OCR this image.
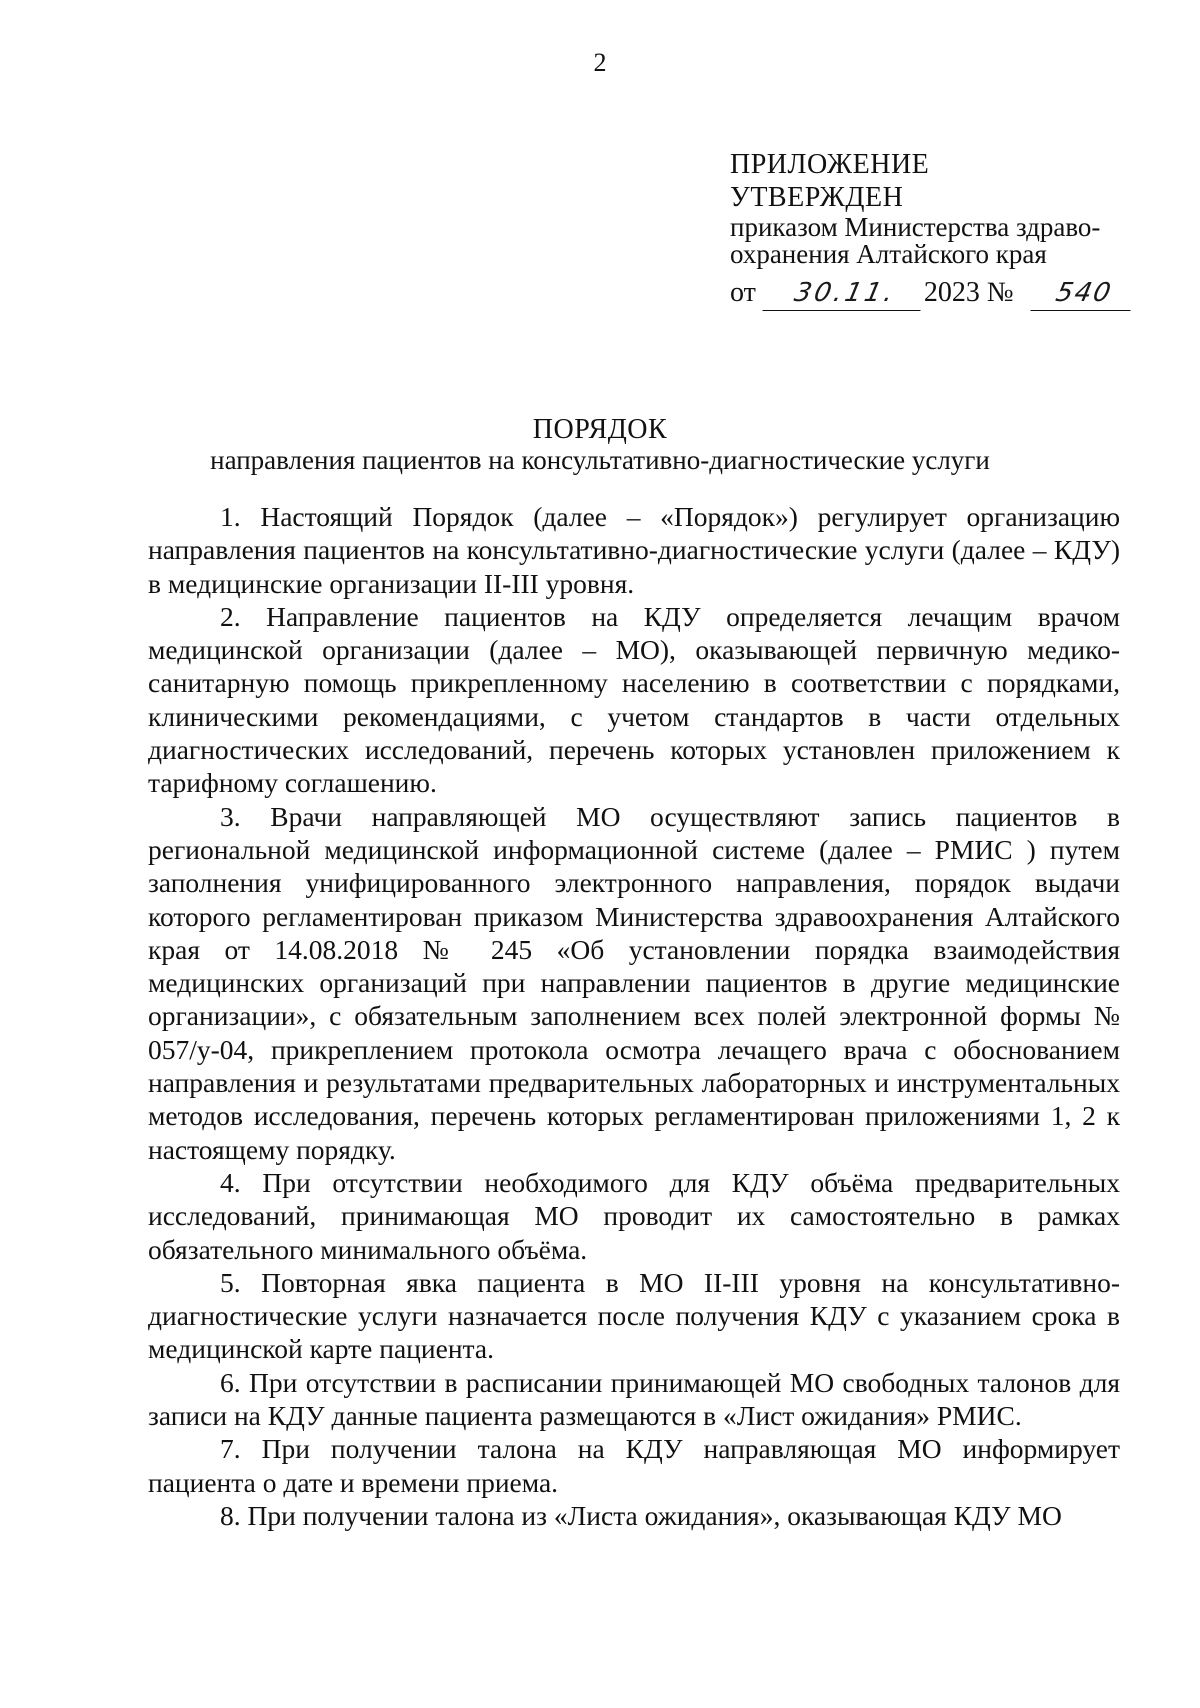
2
ПРИЛОЖЕНИЕ
УТВЕРЖДЕН
приказом Министерства здраво-
охранения Алтайского края
от	30.11. 2023 №	540
ПОРЯДОК
направления пациентов на консультативно-диагностические услуги

1. Настоящий Порядок (далее – «Порядок») регулирует организацию направления пациентов на консультативно-диагностические услуги (далее – КДУ) в медицинские организации II-III уровня.

2. Направление пациентов на КДУ определяется лечащим врачом медицинской организации (далее – МО), оказывающей первичную медико-санитарную помощь прикрепленному населению в соответствии с порядками, клиническими рекомендациями, с учетом стандартов в части отдельных диагностических исследований, перечень которых установлен приложением к тарифному соглашению.

3. Врачи направляющей МО осуществляют запись пациентов в региональной медицинской информационной системе (далее – РМИС ) путем заполнения унифицированного электронного направления, порядок выдачи которого регламентирован приказом Министерства здравоохранения Алтайского края от 14.08.2018 № 245 «Об установлении порядка взаимодействия медицинских организаций при направлении пациентов в другие медицинские организации», с обязательным заполнением всех полей электронной формы № 057/у-04, прикреплением протокола осмотра лечащего врача с обоснованием направления и результатами предварительных лабораторных и инструментальных методов исследования, перечень которых регламентирован приложениями 1, 2 к настоящему порядку.

4. При отсутствии необходимого для КДУ объёма предварительных исследований, принимающая МО проводит их самостоятельно в рамках обязательного минимального объёма.

5. Повторная явка пациента в МО II-III уровня на консультативно-диагностические услуги назначается после получения КДУ с указанием срока в медицинской карте пациента.

6. При отсутствии в расписании принимающей МО свободных талонов для записи на КДУ данные пациента размещаются в «Лист ожидания» РМИС.

7. При получении талона на КДУ направляющая МО информирует пациента о дате и времени приема.

8. При получении талона из «Листа ожидания», оказывающая КДУ МО
